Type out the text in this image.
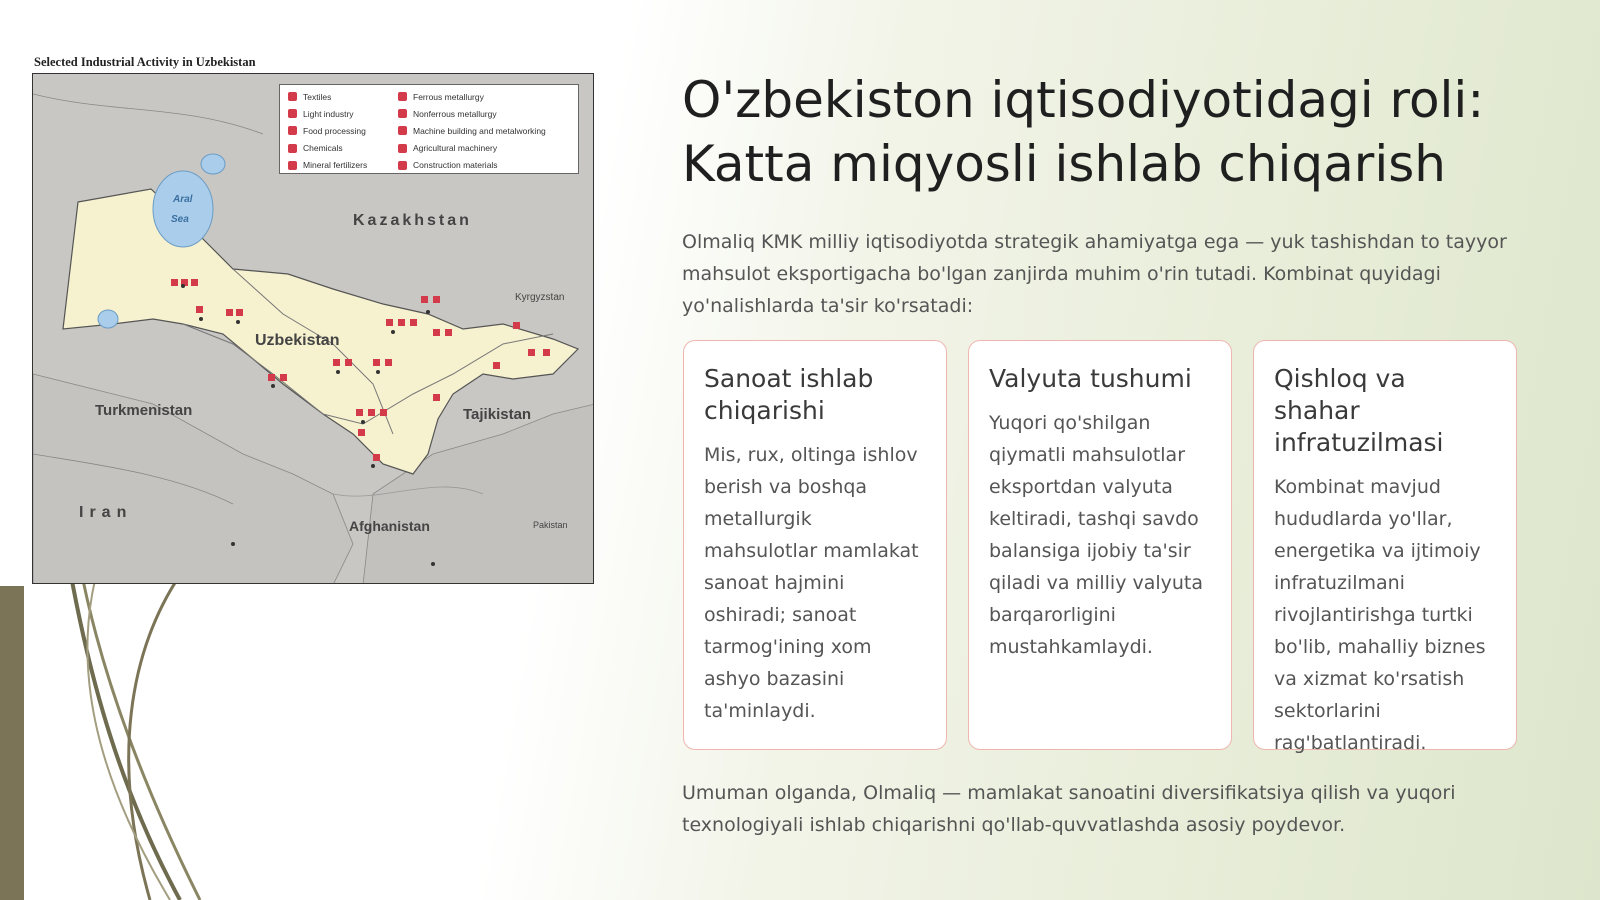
Selected Industrial Activity in Uzbekistan
Textiles	Ferrous metallurgy
Light industry	Nonferrous metallurgy
Food processing	Machine building and metalworking
Chemicals	Agricultural machinery
Mineral fertilizers	Construction materials
Kazakhstan
Uzbekistan
Turkmenistan	Tajikistan
Kyrgyzstan
Iran
Afghanistan	Pakistan
Aral
Sea
O'zbekiston iqtisodiyotidagi roli:
Katta miqyosli ishlab chiqarish

Olmaliq KMK milliy iqtisodiyotda strategik ahamiyatga ega — yuk tashishdan to tayyor mahsulot eksportigacha bo'lgan zanjirda muhim o'rin tutadi. Kombinat quyidagi yo'nalishlarda ta'sir ko'rsatadi:

Sanoat ishlab chiqarishi

Mis, rux, oltinga ishlov berish va boshqa metallurgik mahsulotlar mamlakat sanoat hajmini oshiradi; sanoat tarmog'ining xom ashyo bazasini ta'minlaydi.

Valyuta tushumi

Yuqori qo'shilgan qiymatli mahsulotlar eksportdan valyuta keltiradi, tashqi savdo balansiga ijobiy ta'sir qiladi va milliy valyuta barqarorligini mustahkamlaydi.

Qishloq va shahar infratuzilmasi

Kombinat mavjud hududlarda yo'llar, energetika va ijtimoiy infratuzilmani rivojlantirishga turtki bo'lib, mahalliy biznes va xizmat ko'rsatish sektorlarini rag'batlantiradi.

Umuman olganda, Olmaliq — mamlakat sanoatini diversifikatsiya qilish va yuqori texnologiyali ishlab chiqarishni qo'llab-quvvatlashda asosiy poydevor.
